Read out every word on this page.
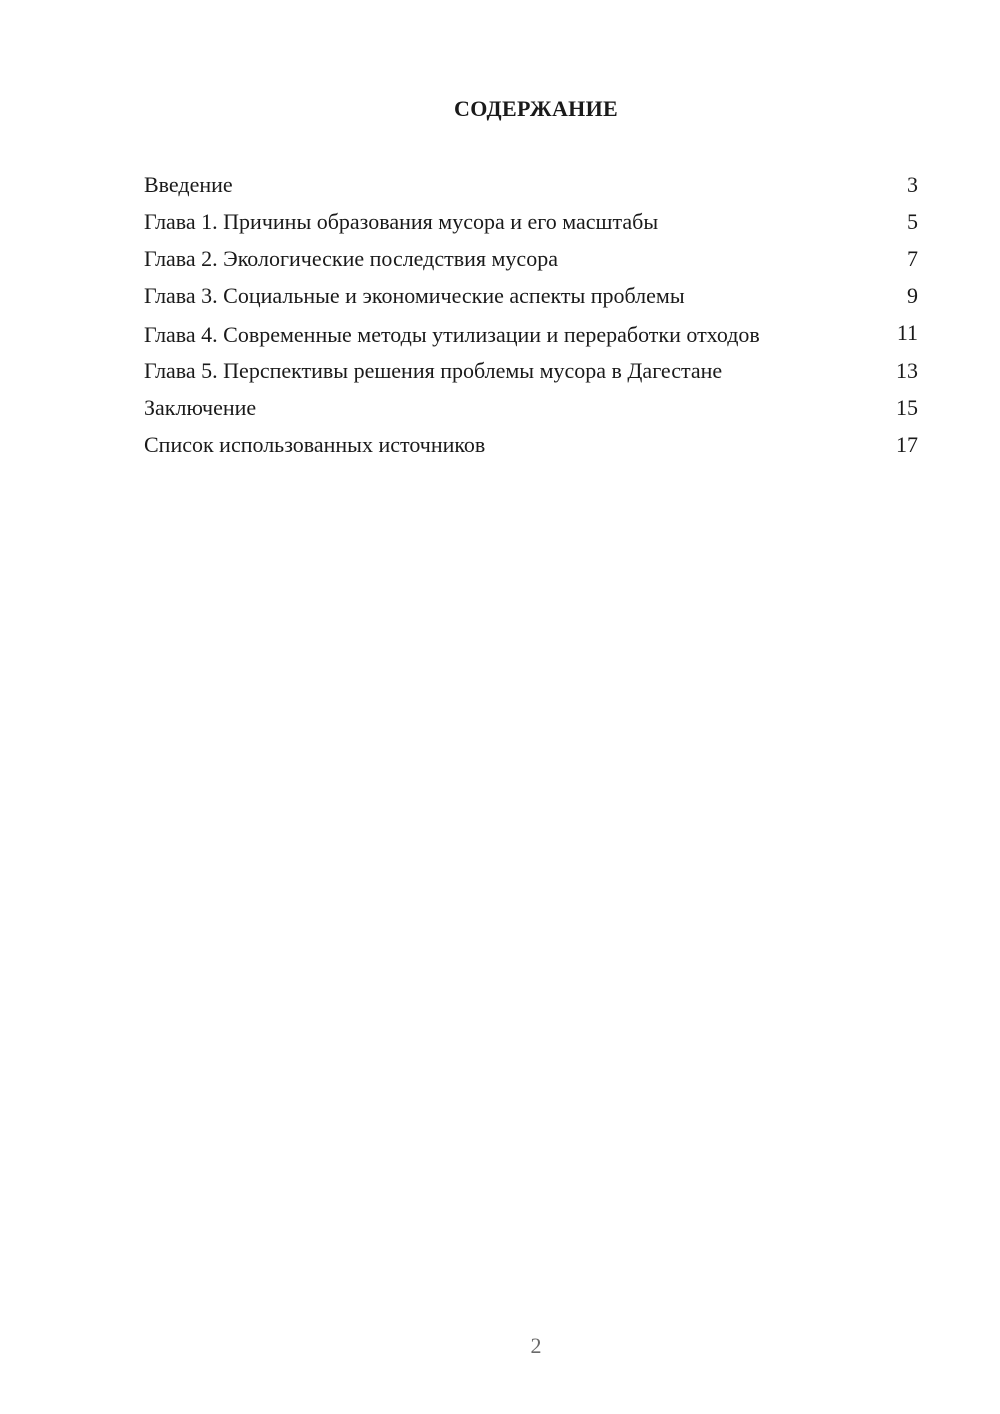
СОДЕРЖАНИЕ
Введение	3
Глава 1. Причины образования мусора и его масштабы	5
Глава 2. Экологические последствия мусора	7
Глава 3. Социальные и экономические аспекты проблемы	9
Глава 4. Современные методы утилизации и переработки отходов	11
Глава 5. Перспективы решения проблемы мусора в Дагестане	13
Заключение	15
Список использованных источников	17
2
